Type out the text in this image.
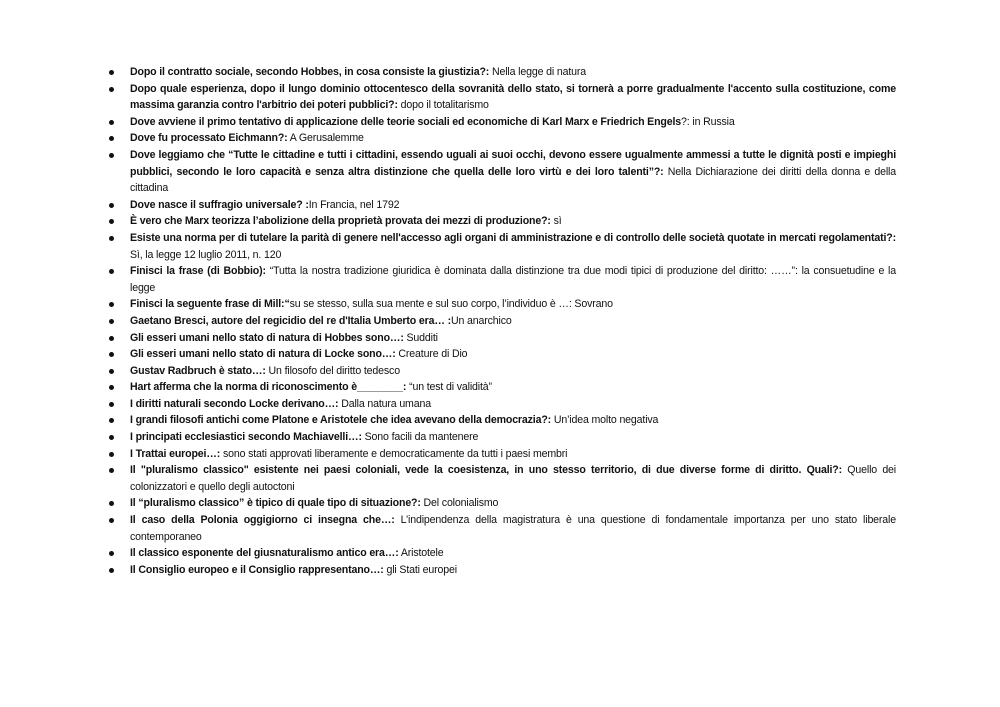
Dopo il contratto sociale, secondo Hobbes, in cosa consiste la giustizia?: Nella legge di natura
Dopo quale esperienza, dopo il lungo dominio ottocentesco della sovranità dello stato, si tornerà a porre gradualmente l'accento sulla costituzione, come massima garanzia contro l'arbitrio dei poteri pubblici?: dopo il totalitarismo
Dove avviene il primo tentativo di applicazione delle teorie sociali ed economiche di Karl Marx e Friedrich Engels?: in Russia
Dove fu processato Eichmann?: A Gerusalemme
Dove leggiamo che “Tutte le cittadine e tutti i cittadini, essendo uguali ai suoi occhi, devono essere ugualmente ammessi a tutte le dignità posti e impieghi pubblici, secondo le loro capacità e senza altra distinzione che quella delle loro virtù e dei loro talenti”?: Nella Dichiarazione dei diritti della donna e della cittadina
Dove nasce il suffragio universale? :In Francia, nel 1792
È vero che Marx teorizza l’abolizione della proprietà provata dei mezzi di produzione?: sì
Esiste una norma per di tutelare la parità di genere nell'accesso agli organi di amministrazione e di controllo delle società quotate in mercati regolamentati?: Sì, la legge 12 luglio 2011, n. 120
Finisci la frase (di Bobbio): “Tutta la nostra tradizione giuridica è dominata dalla distinzione tra due modi tipici di produzione del diritto: ……”: la consuetudine e la legge
Finisci la seguente frase di Mill:“su se stesso, sulla sua mente e sul suo corpo, l’individuo è …: Sovrano
Gaetano Bresci, autore del regicidio del re d'Italia Umberto era… :Un anarchico
Gli esseri umani nello stato di natura di Hobbes sono…: Sudditi
Gli esseri umani nello stato di natura di Locke sono…: Creature di Dio
Gustav Radbruch è stato…: Un filosofo del diritto tedesco
Hart afferma che la norma di riconoscimento è________: “un test di validità”
I diritti naturali secondo Locke derivano…: Dalla natura umana
I grandi filosofi antichi come Platone e Aristotele che idea avevano della democrazia?: Un’idea molto negativa
I principati ecclesiastici secondo Machiavelli…: Sono facili da mantenere
I Trattai europei…: sono stati approvati liberamente e democraticamente da tutti i paesi membri
Il "pluralismo classico" esistente nei paesi coloniali, vede la coesistenza, in uno stesso territorio, di due diverse forme di diritto. Quali?: Quello dei colonizzatori e quello degli autoctoni
Il “pluralismo classico” è tipico di quale tipo di situazione?: Del colonialismo
Il caso della Polonia oggigiorno ci insegna che…: L’indipendenza della magistratura è una questione di fondamentale importanza per uno stato liberale contemporaneo
Il classico esponente del giusnaturalismo antico era…: Aristotele
Il Consiglio europeo e il Consiglio rappresentano…: gli Stati europei
